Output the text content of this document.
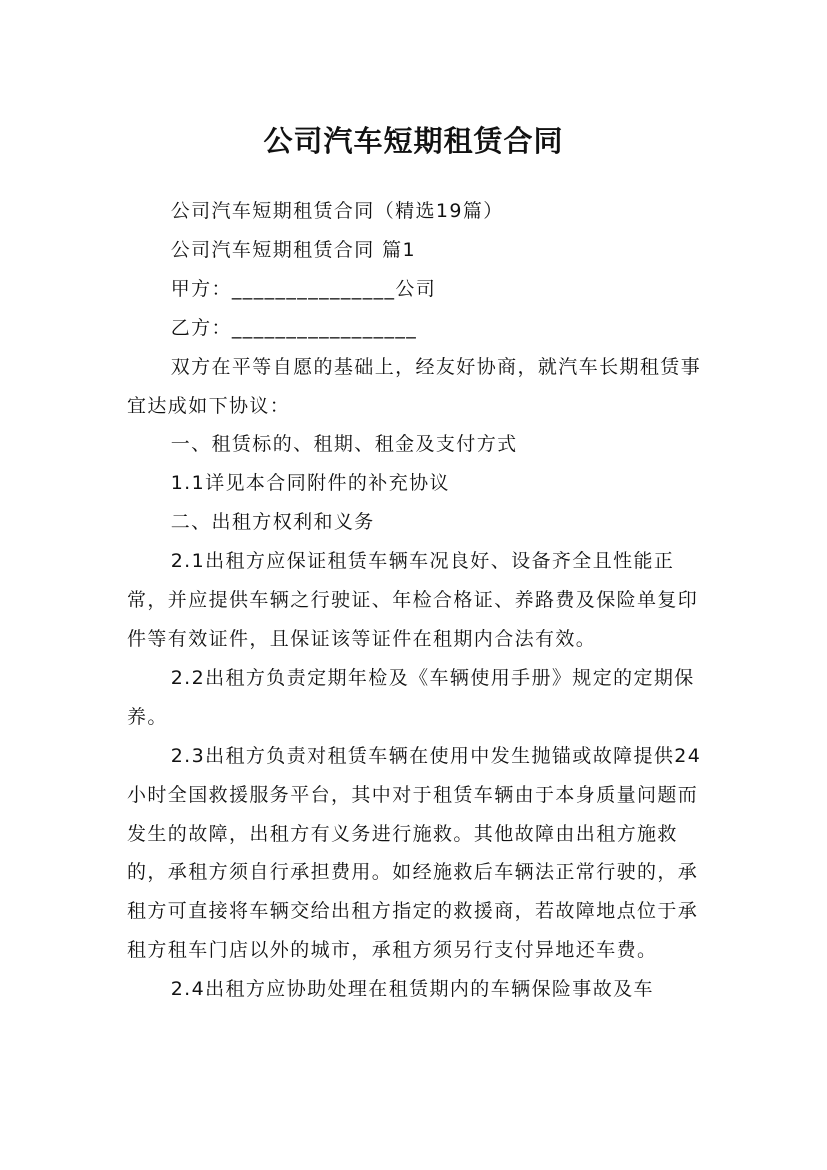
公司汽车短期租赁合同

公司汽车短期租赁合同（精选19篇）

公司汽车短期租赁合同 篇1

甲方：_______________公司

乙方：_________________

双方在平等自愿的基础上，经友好协商，就汽车长期租赁事宜达成如下协议：

一、租赁标的、租期、租金及支付方式

1.1详见本合同附件的补充协议

二、出租方权利和义务

2.1出租方应保证租赁车辆车况良好、设备齐全且性能正常，并应提供车辆之行驶证、年检合格证、养路费及保险单复印件等有效证件，且保证该等证件在租期内合法有效。

2.2出租方负责定期年检及《车辆使用手册》规定的定期保养。

2.3出租方负责对租赁车辆在使用中发生抛锚或故障提供24小时全国救援服务平台，其中对于租赁车辆由于本身质量问题而发生的故障，出租方有义务进行施救。其他故障由出租方施救的，承租方须自行承担费用。如经施救后车辆法正常行驶的，承租方可直接将车辆交给出租方指定的救援商，若故障地点位于承租方租车门店以外的城市，承租方须另行支付异地还车费。

2.4出租方应协助处理在租赁期内的车辆保险事故及车
